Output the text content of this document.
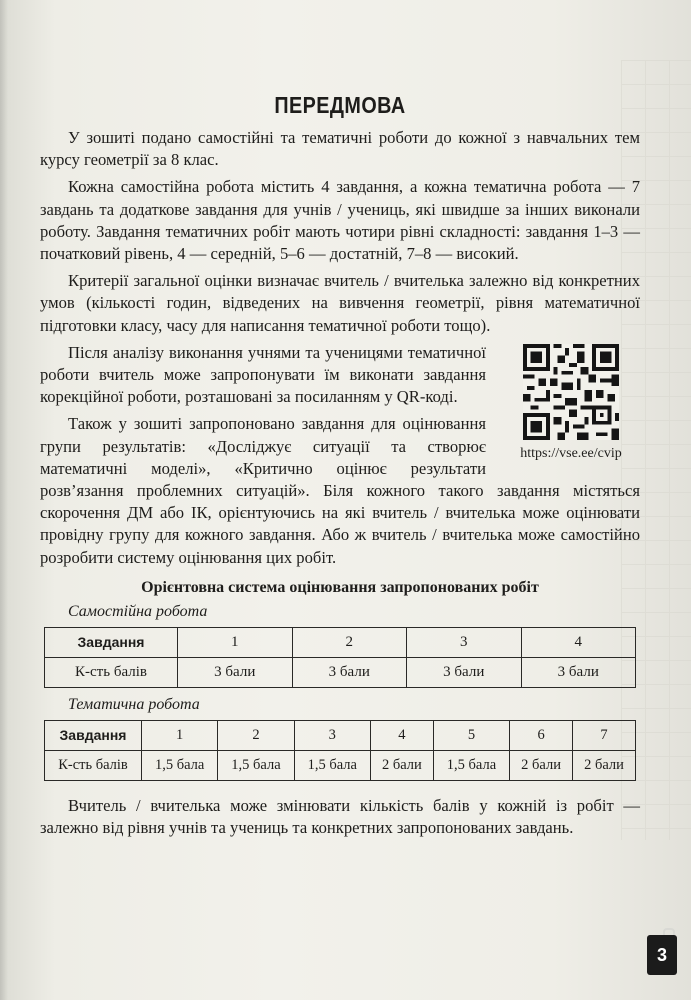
ПЕРЕДМОВА

У зошиті подано самостійні та тематичні роботи до кожної з навчальних тем курсу геометрії за 8 клас.

Кожна самостійна робота містить 4 завдання, а кожна тематична робота — 7 завдань та додаткове завдання для учнів / учениць, які швидше за інших виконали роботу. Завдання тематичних робіт мають чотири рівні складності: завдання 1–3 — початковий рівень, 4 — середній, 5–6 — достатній, 7–8 — високий.

Критерії загальної оцінки визначає вчитель / вчителька залежно від конкретних умов (кількості годин, відведених на вивчення геометрії, рівня математичної підготовки класу, часу для написання тематичної роботи тощо).

https://vse.ee/cvip

Після аналізу виконання учнями та ученицями тематичної роботи вчитель може запропонувати їм виконати завдання корекційної роботи, розташовані за посиланням у QR-коді.

Також у зошиті запропоновано завдання для оцінювання групи результатів: «Досліджує ситуації та створює математичні моделі», «Критично оцінює результати розв’язання проблемних ситуацій». Біля кожного такого завдання містяться скорочення ДМ або ІК, орієнтуючись на які вчитель / вчителька може оцінювати провідну групу для кожного завдання. Або ж вчитель / вчителька може самостійно розробити систему оцінювання цих робіт.

Орієнтовна система оцінювання запропонованих робіт
Самостійна робота
Завдання	1	2	3	4
К-сть балів	3 бали	3 бали	3 бали	3 бали
Тематична робота
Завдання	1	2	3	4	5	6	7
К-сть балів	1,5 бала	1,5 бала	1,5 бала	2 бали	1,5 бала	2 бали	2 бали

Вчитель / вчителька може змінювати кількість балів у кожній із робіт — залежно від рівня учнів та учениць та конкретних запропонованих завдань.

3
